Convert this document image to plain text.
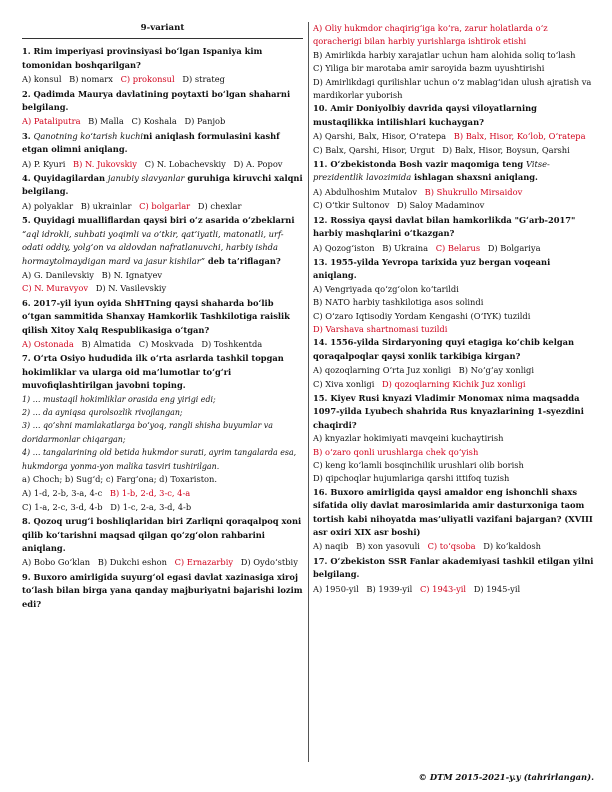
9-variant
1. Rim imperiyasi provinsiyasi bo‘lgan Ispaniya kim tomonidan boshqarilgan?
A) konsul B) nomarx C) prokonsul D) strateg
2. Qadimda Maurya davlatining poytaxti bo‘lgan shaharni belgilang.
A) Pataliputra B) Malla C) Koshala D) Panjob
3. Qanotning ko‘tarish kuchini aniqlash formulasini kashf etgan olimni aniqlang.
A) P. Kyuri B) N. Jukovskiy C) N. Lobachevskiy D) A. Popov
4. Quyidagilardan janubiy slavyanlar guruhiga kiruvchi xalqni belgilang.
A) polyaklar B) ukrainlar C) bolgarlar D) chexlar
5. Quyidagi mualliflardan qaysi biri o‘z asarida o‘zbeklarni “aql idrokli, suhbati yoqimli va o‘tkir, qat’iyatli, matonatli, urf-odati oddiy, yolg‘on va aldovdan nafratlanuvchi, harbiy ishda hormaytolmaydigan mard va jasur kishilar” deb ta’riflagan?
A) G. Danilevskiy B) N. Ignatyev
C) N. Muravyov D) N. Vasilevskiy
6. 2017-yil iyun oyida ShHTning qaysi shaharda bo‘lib o‘tgan sammitida Shanxay Hamkorlik Tashkilotiga raislik qilish Xitoy Xalq Respublikasiga o‘tgan?
A) Ostonada B) Almatida C) Moskvada D) Toshkentda
7. O‘rta Osiyo hududida ilk o‘rta asrlarda tashkil topgan hokimliklar va ularga oid ma’lumotlar to‘g‘ri muvofiqlashtirilgan javobni toping.
1) … mustaqil hokimliklar orasida eng yirigi edi;
2) … da ayniqsa qurolsozlik rivojlangan;
3) … qo‘shni mamlakatlarga bo‘yoq, rangli shisha buyumlar va doridarmonlar chiqargan;
4) … tangalarining old betida hukmdor surati, ayrim tangalarda esa, hukmdorga yonma-yon malika tasviri tushirilgan.
a) Choch; b) Sug‘d; c) Farg‘ona; d) Toxariston.
A) 1-d, 2-b, 3-a, 4-c B) 1-b, 2-d, 3-c, 4-a
C) 1-a, 2-c, 3-d, 4-b D) 1-c, 2-a, 3-d, 4-b
8. Qozoq urug‘i boshliqlaridan biri Zarliqni qoraqalpoq xoni qilib ko‘tarishni maqsad qilgan qo‘zg‘olon rahbarini aniqlang.
A) Bobo Go‘klan B) Dukchi eshon C) Ernazarbiy D) Oydo‘stbiy
9. Buxoro amirligida suyurg‘ol egasi davlat xazinasiga xiroj to‘lash bilan birga yana qanday majburiyatni bajarishi lozim edi?
A) Oliy hukmdor chaqirig‘iga ko‘ra, zarur holatlarda o‘z qoracherigi bilan harbiy yurishlarga ishtirok etishi
B) Amirlikda harbiy xarajatlar uchun ham alohida soliq to‘lash
C) Yiliga bir marotaba amir saroyida bazm uyushtirishi
D) Amirlikdagi qurilishlar uchun o‘z mablag‘idan ulush ajratish va mardikorlar yuborish
10. Amir Doniyolbiy davrida qaysi viloyatlarning mustaqilikka intilishlari kuchaygan?
A) Qarshi, Balx, Hisor, O‘ratepa B) Balx, Hisor, Ko‘lob, O‘ratepa
C) Balx, Qarshi, Hisor, Urgut D) Balx, Hisor, Boysun, Qarshi
11. O‘zbekistonda Bosh vazir maqomiga teng Vitse-prezidentlik lavozimida ishlagan shaxsni aniqlang.
A) Abdulhoshim Mutalov B) Shukrullo Mirsaidov
C) O‘tkir Sultonov D) Saloy Madaminov
12. Rossiya qaysi davlat bilan hamkorlikda "G‘arb-2017" harbiy mashqlarini o‘tkazgan?
A) Qozog‘iston B) Ukraina C) Belarus D) Bolgariya
13. 1955-yilda Yevropa tarixida yuz bergan voqeani aniqlang.
A) Vengriyada qo‘zg‘olon ko‘tarildi
B) NATO harbiy tashkilotiga asos solindi
C) O‘zaro Iqtisodiy Yordam Kengashi (O‘IYK) tuzildi
D) Varshava shartnomasi tuzildi
14. 1556-yilda Sirdaryoning quyi etagiga ko‘chib kelgan qoraqalpoqlar qaysi xonlik tarkibiga kirgan?
A) qozoqlarning O‘rta Juz xonligi B) No‘g‘ay xonligi
C) Xiva xonligi D) qozoqlarning Kichik Juz xonligi
15. Kiyev Rusi knyazi Vladimir Monomax nima maqsadda 1097-yilda Lyubech shahrida Rus knyazlarining 1-syezdini chaqirdi?
A) knyazlar hokimiyati mavqeini kuchaytirish
B) o‘zaro qonli urushlarga chek qo‘yish
C) keng ko‘lamli bosqinchilik urushlari olib borish
D) qipchoqlar hujumlariga qarshi ittifoq tuzish
16. Buxoro amirligida qaysi amaldor eng ishonchli shaxs sifatida oliy davlat marosimlarida amir dasturxoniga taom tortish kabi nihoyatda mas’uliyatli vazifani bajargan? (XVIII asr oxiri XIX asr boshi)
A) naqib B) xon yasovuli C) to‘qsoba D) ko‘kaldosh
17. O‘zbekiston SSR Fanlar akademiyasi tashkil etilgan yilni belgilang.
A) 1950-yil B) 1939-yil C) 1943-yil D) 1945-yil
© DTM 2015-2021-y.y (tahrirlangan).
